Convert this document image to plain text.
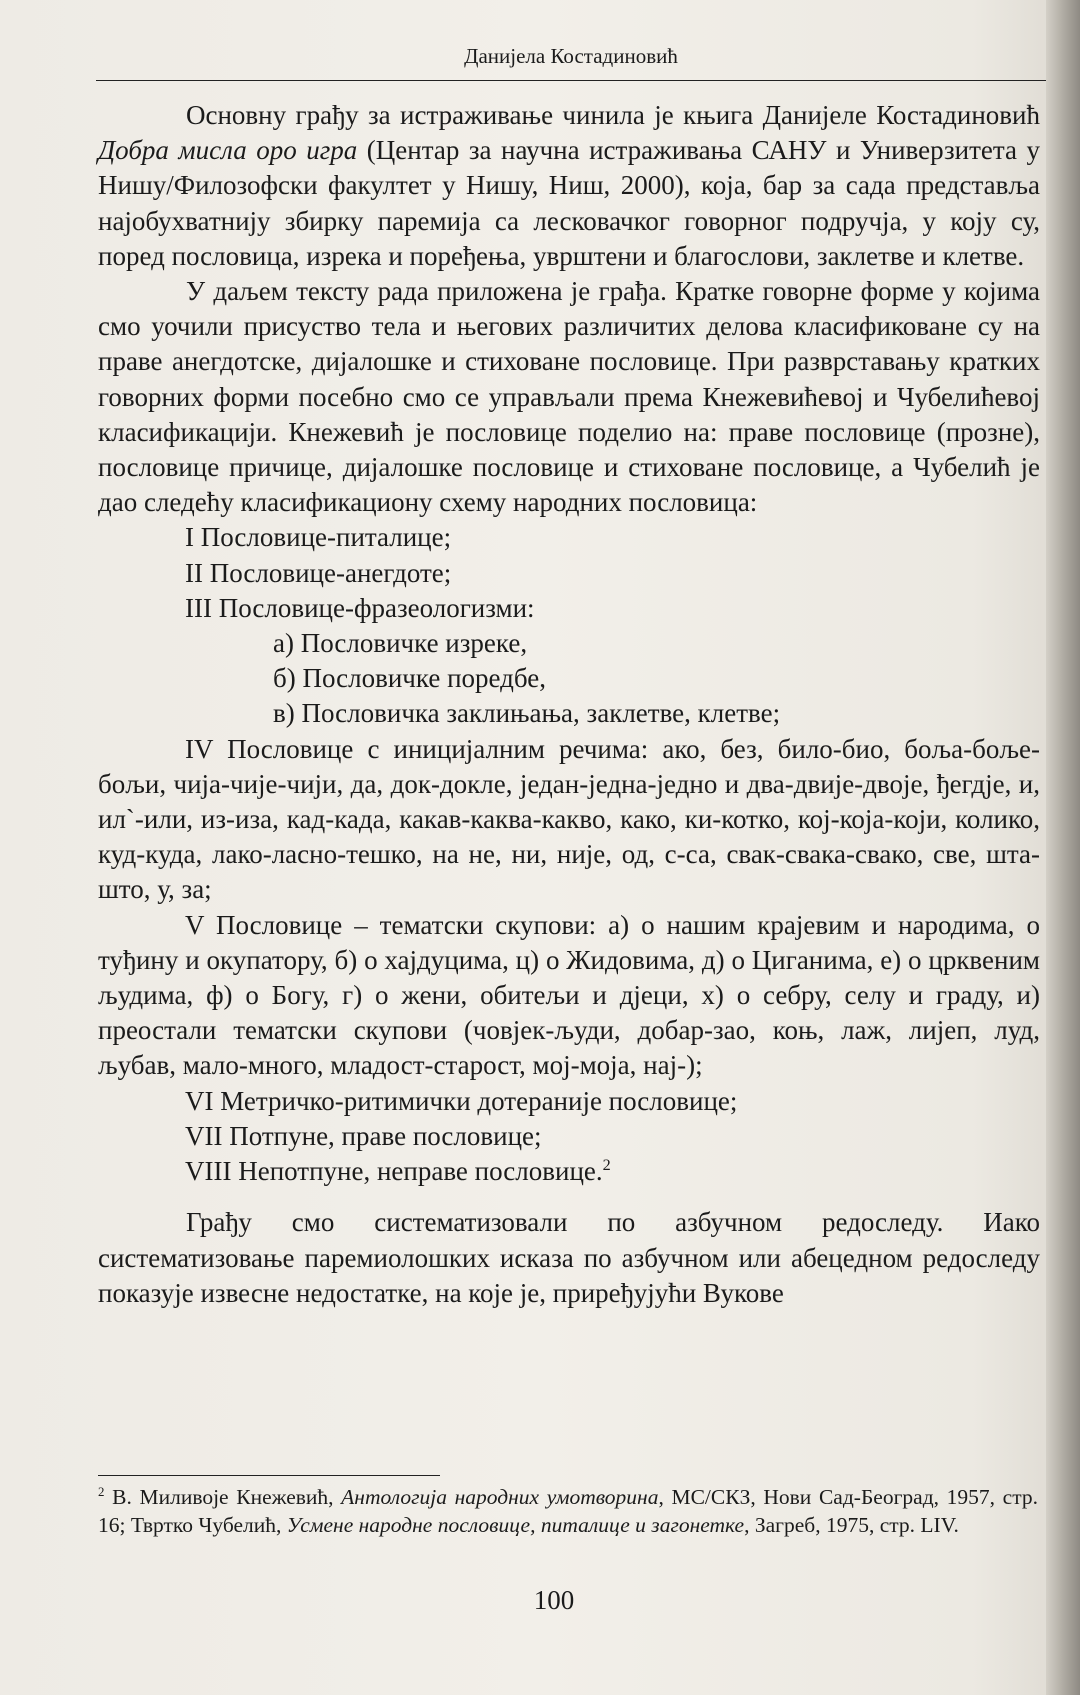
Данијела Костадиновић

Основну грађу за истраживање чинила је књига Данијеле Костадиновић Добра мисла оро игра (Центар за научна истраживања САНУ и Универзитета у Нишу/Филозофски факултет у Нишу, Ниш, 2000), која, бар за сада представља најобухватнију збирку паремија са лесковачког говорног подручја, у коју су, поред пословица, изрека и поређења, уврштени и благослови, заклетве и клетве.

У даљем тексту рада приложена је грађа. Кратке говорне форме у којима смо уочили присуство тела и његових различитих делова класификоване су на праве анегдотске, дијалошке и стиховане пословице. При разврставању кратких говорних форми посебно смо се управљали према Кнежевићевој и Чубелићевој класификацији. Кнежевић је пословице поделио на: праве пословице (прозне), пословице причице, дијалошке пословице и стиховане пословице, а Чубелић је дао следећу класификациону схему народних пословица:

I Пословице-питалице;

II Пословице-анегдоте;

III Пословице-фразеологизми:

а) Пословичке изреке,

б) Пословичке поредбе,

в) Пословичка заклињања, заклетве, клетве;

IV Пословице с иницијалним речима: ако, без, било-био, боља-боље-бољи, чија-чије-чији, да, док-докле, један-једна-једно и два-двије-двоје, ђегдје, и, ил`-или, из-иза, кад-када, какав-каква-какво, како, ки-котко, кој-која-који, колико, куд-куда, лако-ласно-тешко, на не, ни, није, од, с-са, свак-свака-свако, све, шта-што, у, за;

V Пословице – тематски скупови: а) о нашим крајевим и народима, о туђину и окупатору, б) о хајдуцима, ц) о Жидовима, д) о Циганима, е) о црквеним људима, ф) о Богу, г) о жени, обитељи и дјеци, х) о себру, селу и граду, и) преостали тематски скупови (човјек-људи, добар-зао, коњ, лаж, лијеп, луд, љубав, мало-много, младост-старост, мој-моја, нај-);

VI Метричко-ритимички дотераније пословице;

VII Потпуне, праве пословице;

VIII Непотпуне, неправе пословице.$^2$

Грађу смо систематизовали по азбучном редоследу. Иако систематизовање паремиолошких исказа по азбучном или абецедном редоследу показује извесне недостатке, на које је, приређујући Вукове

$^2$ В. Миливоје Кнежевић, Антологија народних умотворина, МС/СКЗ, Нови Сад-Београд, 1957, стр. 16; Твртко Чубелић, Усмене народне пословице, питалице и загонетке, Загреб, 1975, стр. LIV.
100
